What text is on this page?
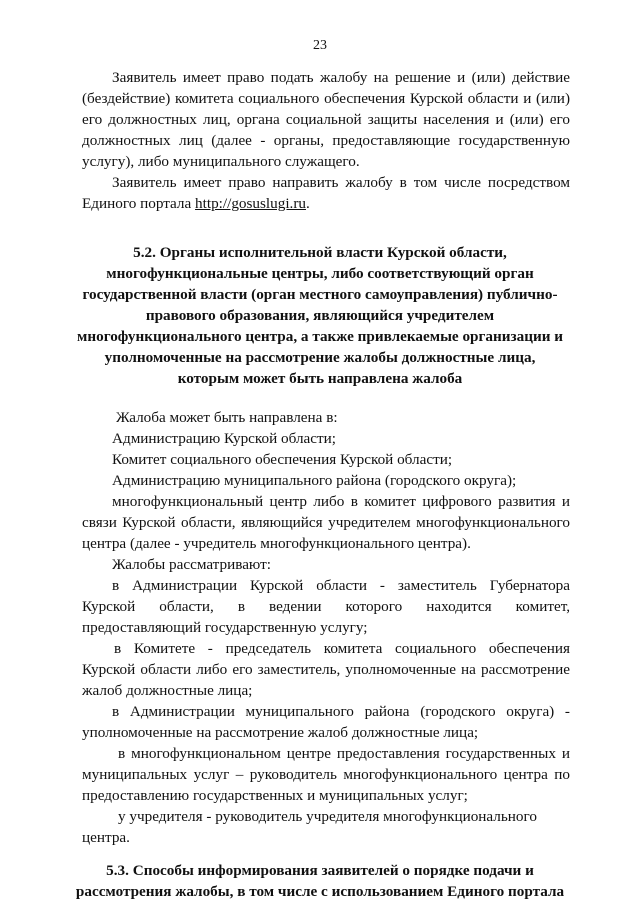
23
Заявитель имеет право подать жалобу на решение и (или) действие
(бездействие) комитета социального обеспечения Курской области и (или)
его должностных лиц, органа социальной защиты населения и (или) его
должностных лиц (далее - органы, предоставляющие государственную
услугу), либо муниципального служащего.
Заявитель имеет право направить жалобу в том числе посредством
Единого портала http://gosuslugi.ru.
5.2. Органы исполнительной власти Курской области,
многофункциональные центры, либо соответствующий орган
государственной власти (орган местного самоуправления) публично-
правового образования, являющийся учредителем
многофункционального центра, а также привлекаемые организации и
уполномоченные на рассмотрение жалобы должностные лица,
которым может быть направлена жалоба
Жалоба может быть направлена в:
Администрацию Курской области;
Комитет социального обеспечения Курской области;
Администрацию муниципального района (городского округа);
многофункциональный центр либо в комитет цифрового развития и
связи Курской области, являющийся учредителем многофункционального
центра (далее - учредитель многофункционального центра).
Жалобы рассматривают:
в Администрации Курской области - заместитель Губернатора
Курской области, в ведении которого находится комитет,
предоставляющий государственную услугу;
в Комитете - председатель комитета социального обеспечения
Курской области либо его заместитель, уполномоченные на рассмотрение
жалоб должностные лица;
в Администрации муниципального района (городского округа) -
уполномоченные на рассмотрение жалоб должностные лица;
в многофункциональном центре предоставления государственных и
муниципальных услуг – руководитель многофункционального центра по
предоставлению государственных и муниципальных услуг;
у учредителя - руководитель учредителя многофункционального
центра.
5.3. Способы информирования заявителей о порядке подачи и
рассмотрения жалобы, в том числе с использованием Единого портала
